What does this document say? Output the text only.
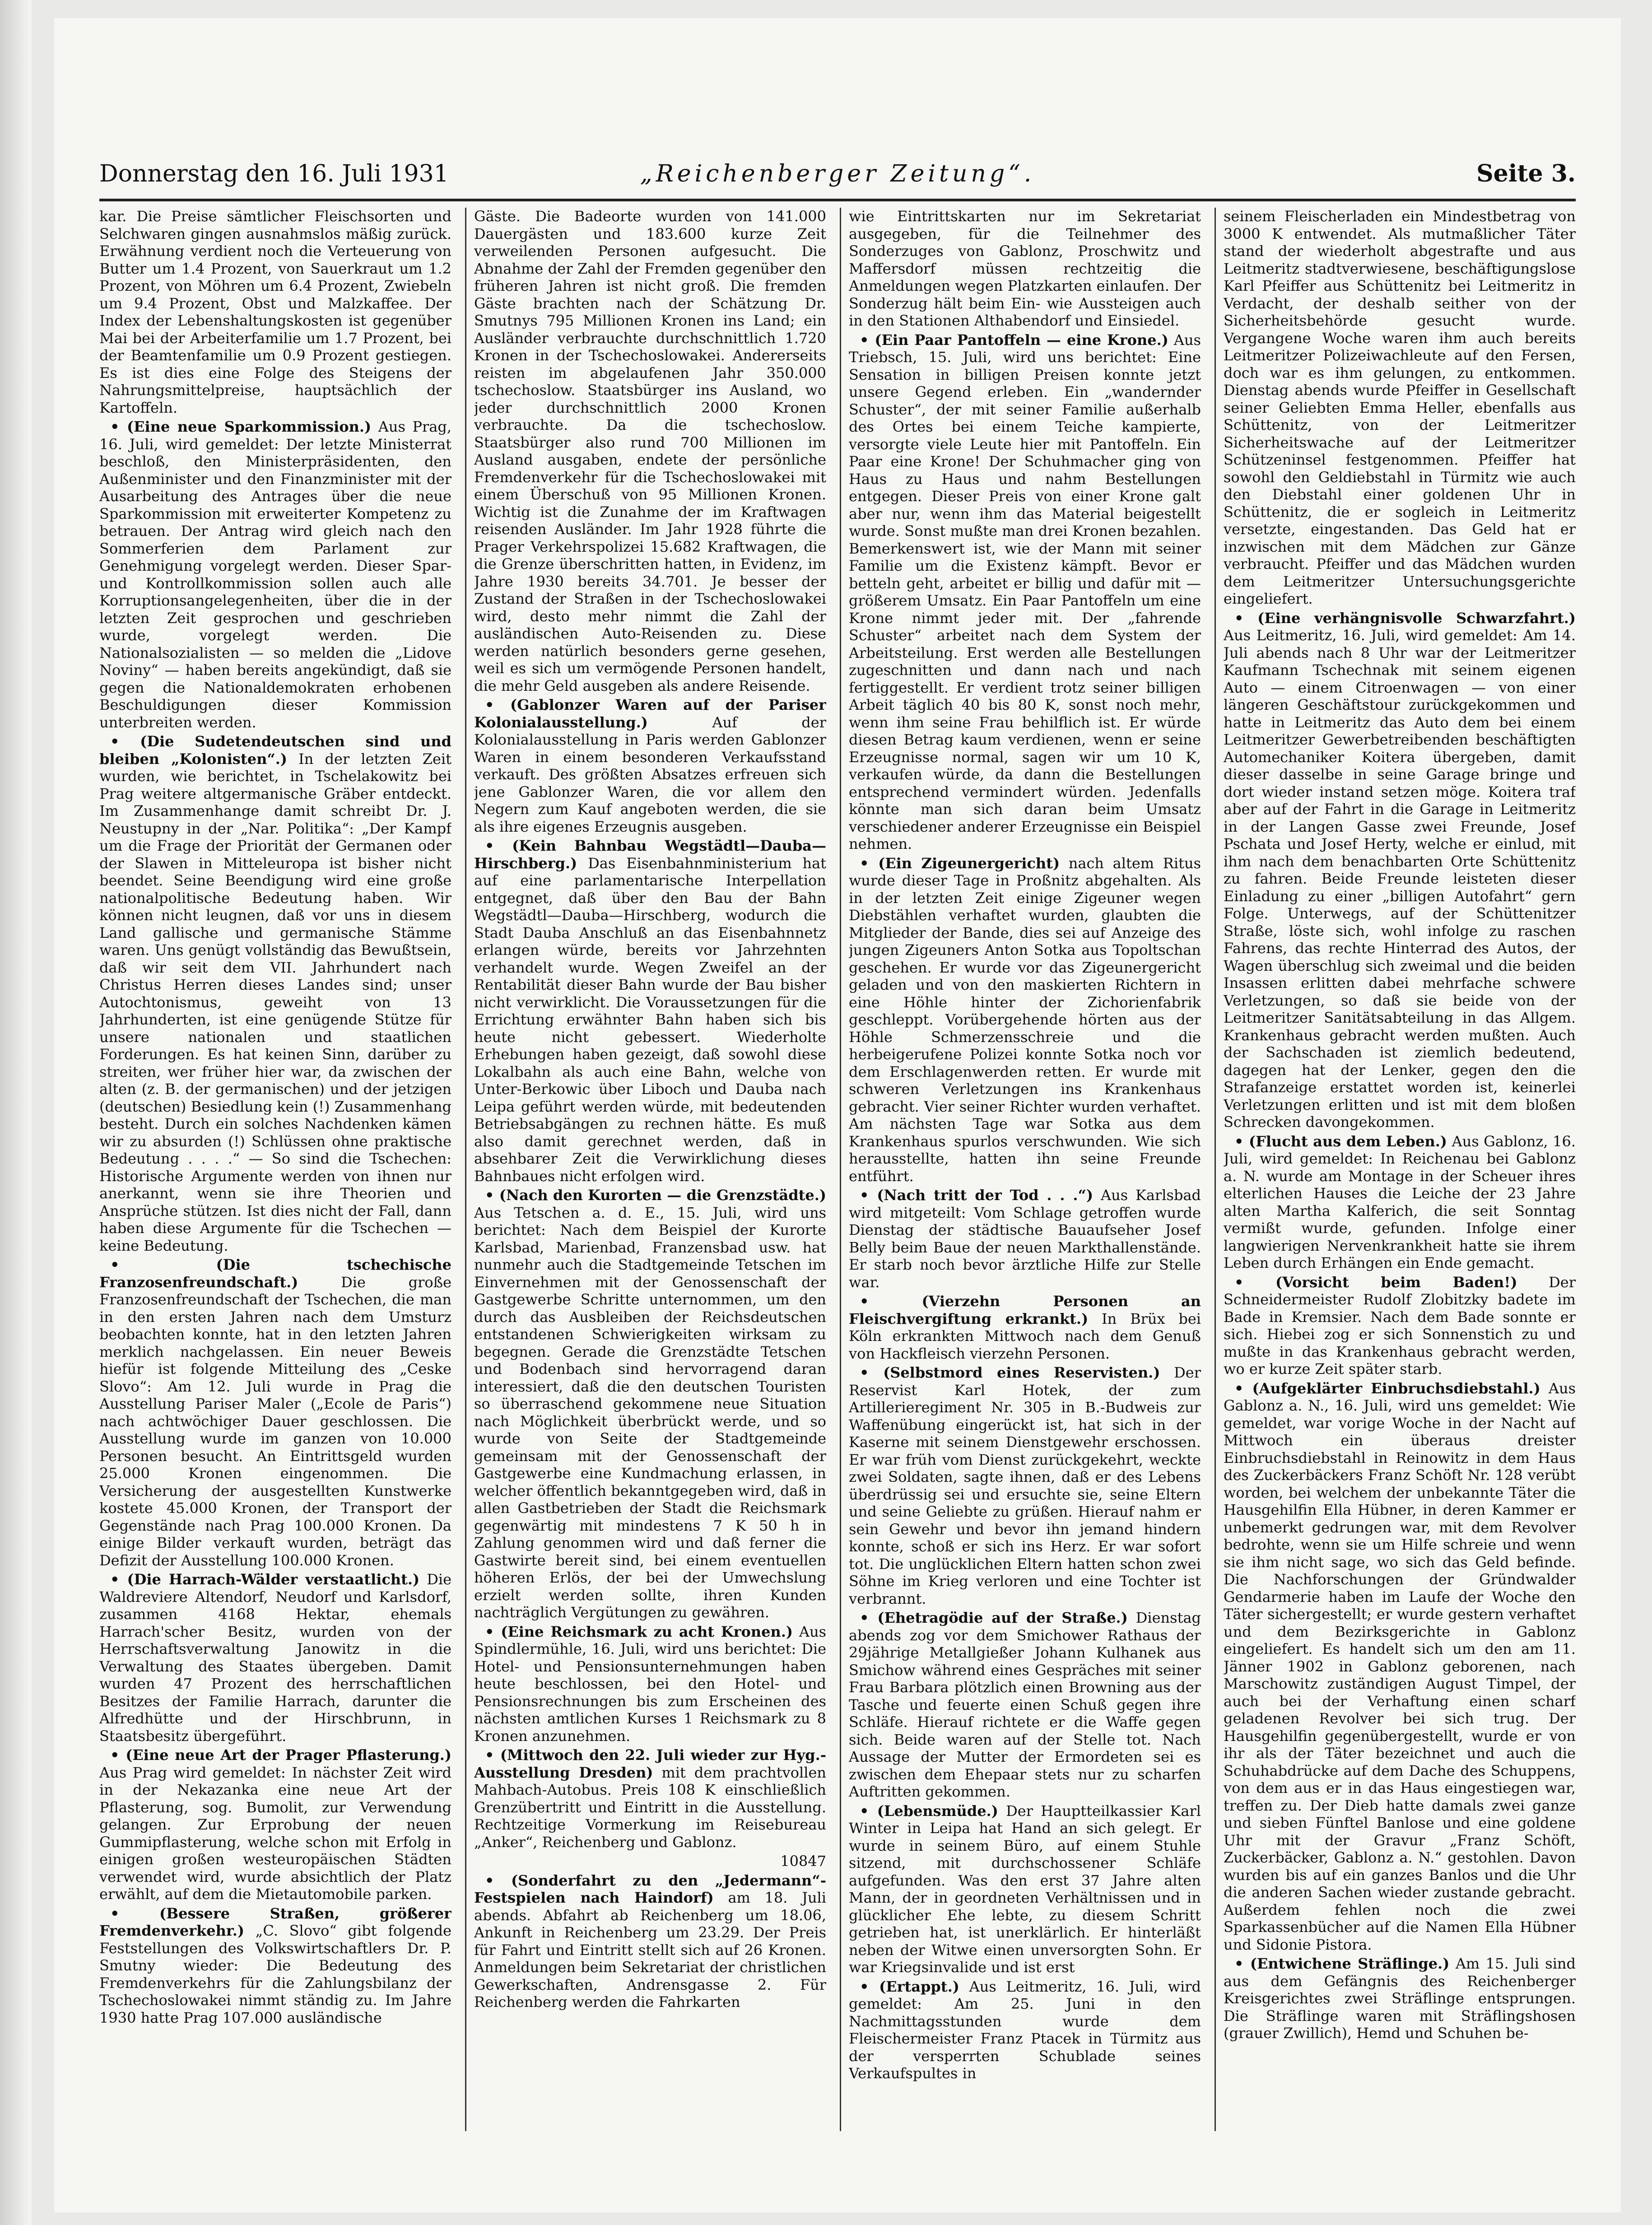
Donnerstag den 16. Juli 1931	„Reichenberger Zeitung“.	Seite 3.

kar. Die Preise sämtlicher Fleischsorten und Selchwaren gingen ausnahmslos mäßig zurück. Erwähnung verdient noch die Verteuerung von Butter um 1.4 Prozent, von Sauerkraut um 1.2 Prozent, von Möhren um 6.4 Prozent, Zwiebeln um 9.4 Prozent, Obst und Malzkaffee. Der Index der Lebenshaltungskosten ist gegenüber Mai bei der Arbeiterfamilie um 1.7 Prozent, bei der Beamtenfamilie um 0.9 Prozent gestiegen. Es ist dies eine Folge des Steigens der Nahrungsmittelpreise, hauptsächlich der Kartoffeln.

• (Eine neue Sparkommission.) Aus Prag, 16. Juli, wird gemeldet: Der letzte Ministerrat beschloß, den Ministerpräsidenten, den Außenminister und den Finanzminister mit der Ausarbeitung des Antrages über die neue Sparkommission mit erweiterter Kompetenz zu betrauen. Der Antrag wird gleich nach den Sommerferien dem Parlament zur Genehmigung vorgelegt werden. Dieser Spar- und Kontrollkommission sollen auch alle Korruptionsangelegenheiten, über die in der letzten Zeit gesprochen und geschrieben wurde, vorgelegt werden. Die Nationalsozialisten — so melden die „Lidove Noviny“ — haben bereits angekündigt, daß sie gegen die Nationaldemokraten erhobenen Beschuldigungen dieser Kommission unterbreiten werden.

• (Die Sudetendeutschen sind und bleiben „Kolonisten“.) In der letzten Zeit wurden, wie berichtet, in Tschelakowitz bei Prag weitere altgermanische Gräber entdeckt. Im Zusammenhange damit schreibt Dr. J. Neustupny in der „Nar. Politika“: „Der Kampf um die Frage der Priorität der Germanen oder der Slawen in Mitteleuropa ist bisher nicht beendet. Seine Beendigung wird eine große nationalpolitische Bedeutung haben. Wir können nicht leugnen, daß vor uns in diesem Land gallische und germanische Stämme waren. Uns genügt vollständig das Bewußtsein, daß wir seit dem VII. Jahrhundert nach Christus Herren dieses Landes sind; unser Autochtonismus, geweiht von 13 Jahrhunderten, ist eine genügende Stütze für unsere nationalen und staatlichen Forderungen. Es hat keinen Sinn, darüber zu streiten, wer früher hier war, da zwischen der alten (z. B. der germanischen) und der jetzigen (deutschen) Besiedlung kein (!) Zusammenhang besteht. Durch ein solches Nachdenken kämen wir zu absurden (!) Schlüssen ohne praktische Bedeutung . . . .“ — So sind die Tschechen: Historische Argumente werden von ihnen nur anerkannt, wenn sie ihre Theorien und Ansprüche stützen. Ist dies nicht der Fall, dann haben diese Argumente für die Tschechen — keine Bedeutung.

• (Die tschechische Franzosenfreundschaft.)	Die große Franzosenfreundschaft der Tschechen, die man in den ersten Jahren nach dem Umsturz beobachten konnte, hat in den letzten Jahren merklich nachgelassen. Ein neuer Beweis hiefür ist folgende Mitteilung des „Ceske Slovo“: Am 12. Juli wurde in Prag die Ausstellung Pariser Maler („Ecole de Paris“) nach achtwöchiger Dauer geschlossen. Die Ausstellung wurde im ganzen von 10.000 Personen besucht. An Eintrittsgeld wurden 25.000 Kronen eingenommen. Die Versicherung der ausgestellten Kunstwerke kostete 45.000 Kronen, der Transport der Gegenstände nach Prag 100.000 Kronen. Da einige Bilder verkauft wurden, beträgt das Defizit der Ausstellung 100.000 Kronen.

• (Die Harrach-Wälder verstaatlicht.) Die Waldreviere Altendorf, Neudorf und Karlsdorf, zusammen 4168 Hektar, ehemals Harrach'scher Besitz, wurden von der Herrschaftsverwaltung Janowitz in die Verwaltung des Staates übergeben. Damit wurden 47 Prozent des herrschaftlichen Besitzes der Familie Harrach, darunter die Alfredhütte und der Hirschbrunn, in Staatsbesitz übergeführt.

• (Eine neue Art der Prager Pflasterung.) Aus Prag wird gemeldet: In nächster Zeit wird in der Nekazanka eine neue Art der Pflasterung, sog. Bumolit, zur Verwendung gelangen. Zur Erprobung der neuen Gummipflasterung, welche schon mit Erfolg in einigen großen westeuropäischen Städten verwendet wird, wurde absichtlich der Platz erwählt, auf dem die Mietautomobile parken.

• (Bessere Straßen, größerer Fremdenverkehr.) „C. Slovo“ gibt folgende Feststellungen des Volkswirtschaftlers Dr. P. Smutny wieder: Die Bedeutung des Fremdenverkehrs für die Zahlungsbilanz der Tschechoslowakei nimmt ständig zu. Im Jahre 1930 hatte Prag 107.000 ausländische

Gäste. Die Badeorte wurden von 141.000 Dauergästen und 183.600 kurze Zeit verweilenden Personen aufgesucht. Die Abnahme der Zahl der Fremden gegenüber den früheren Jahren ist nicht groß. Die fremden Gäste brachten nach der Schätzung Dr. Smutnys 795 Millionen Kronen ins Land; ein Ausländer verbrauchte durchschnittlich 1.720 Kronen in der Tschechoslowakei. Andererseits reisten im abgelaufenen Jahr 350.000 tschechoslow. Staatsbürger ins Ausland, wo jeder durchschnittlich 2000 Kronen verbrauchte. Da die tschechoslow. Staatsbürger also rund 700 Millionen im Ausland ausgaben, endete der persönliche Fremdenverkehr für die Tschechoslowakei mit einem Überschuß von 95 Millionen Kronen. Wichtig ist die Zunahme der im Kraftwagen reisenden Ausländer. Im Jahr 1928 führte die Prager Verkehrspolizei 15.682 Kraftwagen, die die Grenze überschritten hatten, in Evidenz, im Jahre 1930 bereits 34.701. Je besser der Zustand der Straßen in der Tschechoslowakei wird, desto mehr nimmt die Zahl der ausländischen Auto-Reisenden zu. Diese werden natürlich besonders gerne gesehen, weil es sich um vermögende Personen handelt, die mehr Geld ausgeben als andere Reisende.

• (Gablonzer Waren auf der Pariser Kolonialausstellung.)	Auf der Kolonialausstellung in Paris werden Gablonzer Waren in einem besonderen Verkaufsstand verkauft. Des größten Absatzes erfreuen sich jene Gablonzer Waren, die vor allem den Negern zum Kauf angeboten werden, die sie als ihre eigenes Erzeugnis ausgeben.

• (Kein Bahnbau Wegstädtl—Dauba—Hirschberg.) Das Eisenbahnministerium hat auf eine parlamentarische Interpellation entgegnet, daß über den Bau der Bahn Wegstädtl—Dauba—Hirschberg, wodurch die Stadt Dauba Anschluß an das Eisenbahnnetz erlangen würde, bereits vor Jahrzehnten verhandelt wurde. Wegen Zweifel an der Rentabilität dieser Bahn wurde der Bau bisher nicht verwirklicht. Die Voraussetzungen für die Errichtung erwähnter Bahn haben sich bis heute nicht gebessert. Wiederholte Erhebungen haben gezeigt, daß sowohl diese Lokalbahn als auch eine Bahn, welche von Unter-Berkowic über Liboch und Dauba nach Leipa geführt werden würde, mit bedeutenden Betriebsabgängen zu rechnen hätte. Es muß also damit gerechnet werden, daß in absehbarer Zeit die Verwirklichung dieses Bahnbaues nicht erfolgen wird.

• (Nach den Kurorten — die Grenzstädte.) Aus Tetschen a. d. E., 15. Juli, wird uns berichtet: Nach dem Beispiel der Kurorte Karlsbad, Marienbad, Franzensbad usw. hat nunmehr auch die Stadtgemeinde Tetschen im Einvernehmen mit der Genossenschaft der Gastgewerbe Schritte unternommen, um den durch das Ausbleiben der Reichsdeutschen entstandenen Schwierigkeiten wirksam zu begegnen. Gerade die Grenzstädte Tetschen und Bodenbach sind hervorragend daran interessiert, daß die den deutschen Touristen so überraschend gekommene neue Situation nach Möglichkeit überbrückt werde, und so wurde von Seite der Stadtgemeinde gemeinsam mit der Genossenschaft der Gastgewerbe eine Kundmachung erlassen, in welcher öffentlich bekanntgegeben wird, daß in allen Gastbetrieben der Stadt die Reichsmark gegenwärtig mit mindestens 7 K 50 h in Zahlung genommen wird und daß ferner die Gastwirte bereit sind, bei einem eventuellen höheren Erlös, der bei der Umwechslung erzielt werden sollte, ihren Kunden nachträglich Vergütungen zu gewähren.

• (Eine Reichsmark zu acht Kronen.) Aus Spindlermühle, 16. Juli, wird uns berichtet: Die Hotel- und Pensionsunternehmungen haben heute beschlossen, bei den Hotel- und Pensionsrechnungen bis zum Erscheinen des nächsten amtlichen Kurses 1 Reichsmark zu 8 Kronen anzunehmen.

• (Mittwoch den 22. Juli wieder zur Hyg.-Ausstellung Dresden) mit dem prachtvollen Mahbach-Autobus. Preis 108 K einschließlich Grenzübertritt und Eintritt in die Ausstellung. Rechtzeitige Vormerkung im Reisebureau „Anker“, Reichenberg und Gablonz.

10847

• (Sonderfahrt zu den „Jedermann“-Festspielen nach Haindorf) am 18. Juli abends. Abfahrt ab Reichenberg um 18.06, Ankunft in Reichenberg um 23.29. Der Preis für Fahrt und Eintritt stellt sich auf 26 Kronen. Anmeldungen beim Sekretariat der christlichen Gewerkschaften, Andrensgasse 2. Für Reichenberg werden die Fahrkarten

wie Eintrittskarten nur im Sekretariat ausgegeben, für die Teilnehmer des Sonderzuges von Gablonz, Proschwitz und Maffersdorf müssen rechtzeitig die Anmeldungen wegen Platzkarten einlaufen. Der Sonderzug hält beim Ein- wie Aussteigen auch in den Stationen Althabendorf und Einsiedel.

• (Ein Paar Pantoffeln — eine Krone.) Aus Triebsch, 15. Juli, wird uns berichtet: Eine Sensation in billigen Preisen konnte jetzt unsere Gegend erleben. Ein „wandernder Schuster“, der mit seiner Familie außerhalb des Ortes bei einem Teiche kampierte, versorgte viele Leute hier mit Pantoffeln. Ein Paar eine Krone! Der Schuhmacher ging von Haus zu Haus und nahm Bestellungen entgegen. Dieser Preis von einer Krone galt aber nur, wenn ihm das Material beigestellt wurde. Sonst mußte man drei Kronen bezahlen. Bemerkenswert ist, wie der Mann mit seiner Familie um die Existenz kämpft. Bevor er betteln geht, arbeitet er billig und dafür mit — größerem Umsatz. Ein Paar Pantoffeln um eine Krone nimmt jeder mit. Der „fahrende Schuster“ arbeitet nach dem System der Arbeitsteilung. Erst werden alle Bestellungen zugeschnitten und dann nach und nach fertiggestellt. Er verdient trotz seiner billigen Arbeit täglich 40 bis 80 K, sonst noch mehr, wenn ihm seine Frau behilflich ist. Er würde diesen Betrag kaum verdienen, wenn er seine Erzeugnisse normal, sagen wir um 10 K, verkaufen würde, da dann die Bestellungen entsprechend vermindert würden. Jedenfalls könnte man sich daran beim Umsatz verschiedener anderer Erzeugnisse ein Beispiel nehmen.

• (Ein Zigeunergericht) nach altem Ritus wurde dieser Tage in Proßnitz abgehalten. Als in der letzten Zeit einige Zigeuner wegen Diebstählen verhaftet wurden, glaubten die Mitglieder der Bande, dies sei auf Anzeige des jungen Zigeuners Anton Sotka aus Topoltschan geschehen. Er wurde vor das Zigeunergericht geladen und von den maskierten Richtern in eine Höhle hinter der Zichorienfabrik geschleppt. Vorübergehende hörten aus der Höhle Schmerzensschreie und die herbeigerufene Polizei konnte Sotka noch vor dem Erschlagenwerden retten. Er wurde mit schweren Verletzungen ins Krankenhaus gebracht. Vier seiner Richter wurden verhaftet. Am nächsten Tage war Sotka aus dem Krankenhaus spurlos verschwunden. Wie sich herausstellte, hatten ihn seine Freunde entführt.

• (Nach tritt der Tod . . .“) Aus Karlsbad wird mitgeteilt: Vom Schlage getroffen wurde Dienstag der städtische Bauaufseher Josef Belly beim Baue der neuen Markthallenstände. Er starb noch bevor ärztliche Hilfe zur Stelle war.

• (Vierzehn Personen an Fleischvergiftung erkrankt.) In Brüx bei Köln erkrankten Mittwoch nach dem Genuß von Hackfleisch vierzehn Personen.

• (Selbstmord eines Reservisten.) Der Reservist Karl Hotek, der zum Artillerieregiment Nr. 305 in B.-Budweis zur Waffenübung eingerückt ist, hat sich in der Kaserne mit seinem Dienstgewehr erschossen. Er war früh vom Dienst zurückgekehrt, weckte zwei Soldaten, sagte ihnen, daß er des Lebens überdrüssig sei und ersuchte sie, seine Eltern und seine Geliebte zu grüßen. Hierauf nahm er sein Gewehr und bevor ihn jemand hindern konnte, schoß er sich ins Herz. Er war sofort tot. Die unglücklichen Eltern hatten schon zwei Söhne im Krieg verloren und eine Tochter ist verbrannt.

• (Ehetragödie auf der Straße.) Dienstag abends zog vor dem Smichower Rathaus der 29jährige Metallgießer Johann Kulhanek aus Smichow während eines Gespräches mit seiner Frau Barbara plötzlich einen Browning aus der Tasche und feuerte einen Schuß gegen ihre Schläfe. Hierauf richtete er die Waffe gegen sich. Beide waren auf der Stelle tot. Nach Aussage der Mutter der Ermordeten sei es zwischen dem Ehepaar stets nur zu scharfen Auftritten gekommen.

• (Lebensmüde.) Der Hauptteilkassier Karl Winter in Leipa hat Hand an sich gelegt. Er wurde in seinem Büro, auf einem Stuhle sitzend, mit durchschossener Schläfe aufgefunden. Was den erst 37 Jahre alten Mann, der in geordneten Verhältnissen und in glücklicher Ehe lebte, zu diesem Schritt getrieben hat, ist unerklärlich. Er hinterläßt neben der Witwe einen unversorgten Sohn. Er war Kriegsinvalide und ist erst

• (Ertappt.) Aus Leitmeritz, 16. Juli, wird gemeldet: Am 25. Juni in den Nachmittagsstunden wurde dem Fleischermeister Franz Ptacek in Türmitz aus der versperrten Schublade seines Verkaufspultes in

seinem Fleischerladen ein Mindestbetrag von 3000 K entwendet. Als mutmaßlicher Täter stand der wiederholt abgestrafte und aus Leitmeritz stadtverwiesene, beschäftigungslose Karl Pfeiffer aus Schüttenitz bei Leitmeritz in Verdacht, der deshalb seither von der Sicherheitsbehörde gesucht wurde. Vergangene Woche waren ihm auch bereits Leitmeritzer Polizeiwachleute auf den Fersen, doch war es ihm gelungen, zu entkommen. Dienstag abends wurde Pfeiffer in Gesellschaft seiner Geliebten Emma Heller, ebenfalls aus Schüttenitz, von der Leitmeritzer Sicherheitswache auf der Leitmeritzer Schützeninsel festgenommen. Pfeiffer hat sowohl den Geldiebstahl in Türmitz wie auch den Diebstahl einer goldenen Uhr in Schüttenitz, die er sogleich in Leitmeritz versetzte, eingestanden. Das Geld hat er inzwischen mit dem Mädchen zur Gänze verbraucht. Pfeiffer und das Mädchen wurden dem Leitmeritzer Untersuchungsgerichte eingeliefert.

• (Eine verhängnisvolle Schwarzfahrt.) Aus Leitmeritz, 16. Juli, wird gemeldet: Am 14. Juli abends nach 8 Uhr war der Leitmeritzer Kaufmann Tschechnak mit seinem eigenen Auto — einem Citroenwagen — von einer längeren Geschäftstour zurückgekommen und hatte in Leitmeritz das Auto dem bei einem Leitmeritzer Gewerbetreibenden beschäftigten Automechaniker Koitera übergeben, damit dieser dasselbe in seine Garage bringe und dort wieder instand setzen möge. Koitera traf aber auf der Fahrt in die Garage in Leitmeritz in der Langen Gasse zwei Freunde, Josef Pschata und Josef Herty, welche er einlud, mit ihm nach dem benachbarten Orte Schüttenitz zu fahren. Beide Freunde leisteten dieser Einladung zu einer „billigen Autofahrt“ gern Folge. Unterwegs, auf der Schüttenitzer Straße, löste sich, wohl infolge zu raschen Fahrens, das rechte Hinterrad des Autos, der Wagen überschlug sich zweimal und die beiden Insassen erlitten dabei mehrfache schwere Verletzungen, so daß sie beide von der Leitmeritzer Sanitätsabteilung in das Allgem. Krankenhaus gebracht werden mußten. Auch der Sachschaden ist ziemlich bedeutend, dagegen hat der Lenker, gegen den die Strafanzeige erstattet worden ist, keinerlei Verletzungen erlitten und ist mit dem bloßen Schrecken davongekommen.

• (Flucht aus dem Leben.) Aus Gablonz, 16. Juli, wird gemeldet: In Reichenau bei Gablonz a. N. wurde am Montage in der Scheuer ihres elterlichen Hauses die Leiche der 23 Jahre alten Martha Kalferich, die seit Sonntag vermißt wurde, gefunden. Infolge einer langwierigen Nervenkrankheit hatte sie ihrem Leben durch Erhängen ein Ende gemacht.

• (Vorsicht beim Baden!) Der Schneidermeister Rudolf Zlobitzky badete im Bade in Kremsier. Nach dem Bade sonnte er sich. Hiebei zog er sich Sonnenstich zu und mußte in das Krankenhaus gebracht werden, wo er kurze Zeit später starb.

• (Aufgeklärter Einbruchsdiebstahl.) Aus Gablonz a. N., 16. Juli, wird uns gemeldet: Wie gemeldet, war vorige Woche in der Nacht auf Mittwoch ein überaus dreister Einbruchsdiebstahl in Reinowitz in dem Haus des Zuckerbäckers Franz Schöft Nr. 128 verübt worden, bei welchem der unbekannte Täter die Hausgehilfin Ella Hübner, in deren Kammer er unbemerkt gedrungen war, mit dem Revolver bedrohte, wenn sie um Hilfe schreie und wenn sie ihm nicht sage, wo sich das Geld befinde. Die Nachforschungen der Gründwalder Gendarmerie haben im Laufe der Woche den Täter sichergestellt; er wurde gestern verhaftet und dem Bezirksgerichte in Gablonz eingeliefert. Es handelt sich um den am 11. Jänner 1902 in Gablonz geborenen, nach Marschowitz zuständigen August Timpel, der auch bei der Verhaftung einen scharf geladenen Revolver bei sich trug. Der Hausgehilfin gegenübergestellt, wurde er von ihr als der Täter bezeichnet und auch die Schuhabdrücke auf dem Dache des Schuppens, von dem aus er in das Haus eingestiegen war, treffen zu. Der Dieb hatte damals zwei ganze und sieben Fünftel Banlose und eine goldene Uhr mit der Gravur „Franz Schöft, Zuckerbäcker, Gablonz a. N.“ gestohlen. Davon wurden bis auf ein ganzes Banlos und die Uhr die anderen Sachen wieder zustande gebracht. Außerdem fehlen noch die zwei Sparkassenbücher auf die Namen Ella Hübner und Sidonie Pistora.

• (Entwichene Sträflinge.) Am 15. Juli sind aus dem Gefängnis des Reichenberger Kreisgerichtes zwei Sträflinge entsprungen. Die Sträflinge waren mit Sträflingshosen (grauer Zwillich), Hemd und Schuhen be-
